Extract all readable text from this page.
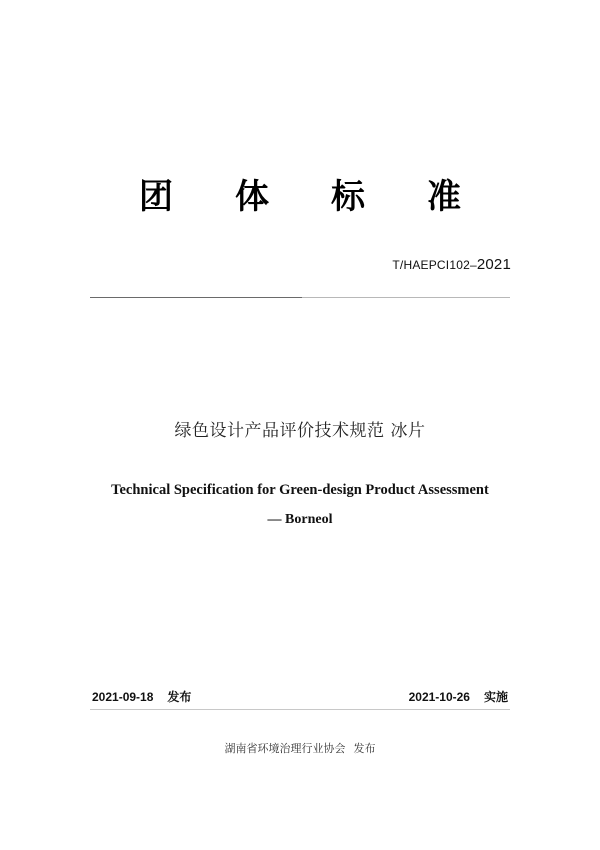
团 体 标 准
T/HAEPCI102–2021
绿色设计产品评价技术规范 冰片
Technical Specification for Green-design Product Assessment
— Borneol
2021-09-18 发布	2021-10-26 实施
湖南省环境治理行业协会 发布
